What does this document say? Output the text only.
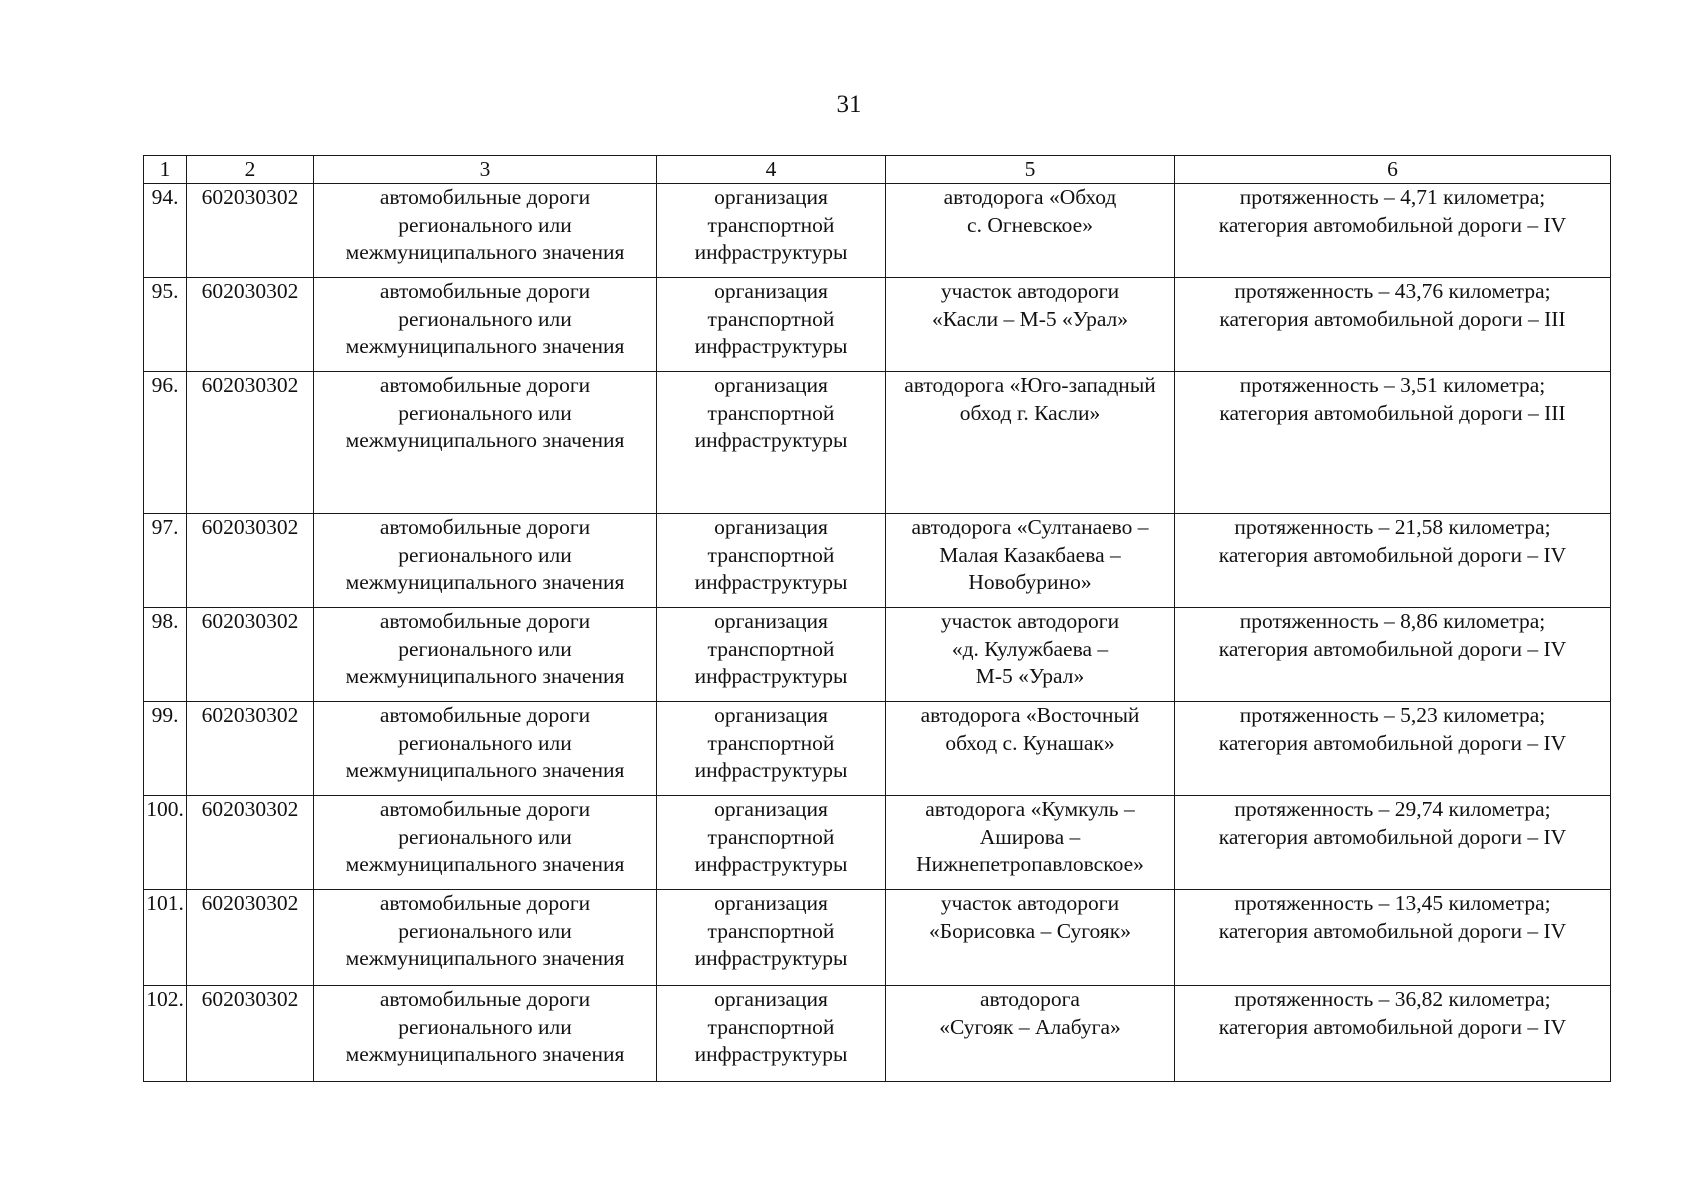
31
1	2	3	4	5	6
94.	602030302	автомобильные дороги
регионального или
межмуниципального значения	организация
транспортной
инфраструктуры	автодорога «Обход
с. Огневское»	протяженность – 4,71 километра;
категория автомобильной дороги – IV

95.	602030302	автомобильные дороги
регионального или
межмуниципального значения	организация
транспортной
инфраструктуры	участок автодороги
«Касли – М-5 «Урал»	протяженность – 43,76 километра;
категория автомобильной дороги – III

96.	602030302	автомобильные дороги
регионального или
межмуниципального значения	организация
транспортной
инфраструктуры	автодорога «Юго-западный
обход г. Касли»	протяженность – 3,51 километра;
категория автомобильной дороги – III

97.	602030302	автомобильные дороги
регионального или
межмуниципального значения	организация
транспортной
инфраструктуры	автодорога «Султанаево –
Малая Казакбаева –
Новобурино»	протяженность – 21,58 километра;
категория автомобильной дороги – IV

98.	602030302	автомобильные дороги
регионального или
межмуниципального значения	организация
транспортной
инфраструктуры	участок автодороги
«д. Кулужбаева –
М-5 «Урал»	протяженность – 8,86 километра;
категория автомобильной дороги – IV

99.	602030302	автомобильные дороги
регионального или
межмуниципального значения	организация
транспортной
инфраструктуры	автодорога «Восточный
обход с. Кунашак»	протяженность – 5,23 километра;
категория автомобильной дороги – IV

100.	602030302	автомобильные дороги
регионального или
межмуниципального значения	организация
транспортной
инфраструктуры	автодорога «Кумкуль –
Аширова –
Нижнепетропавловское»	протяженность – 29,74 километра;
категория автомобильной дороги – IV

101.	602030302	автомобильные дороги
регионального или
межмуниципального значения	организация
транспортной
инфраструктуры	участок автодороги
«Борисовка – Сугояк»	протяженность – 13,45 километра;
категория автомобильной дороги – IV

102.	602030302	автомобильные дороги
регионального или
межмуниципального значения	организация
транспортной
инфраструктуры	автодорога
«Сугояк – Алабуга»	протяженность – 36,82 километра;
категория автомобильной дороги – IV
